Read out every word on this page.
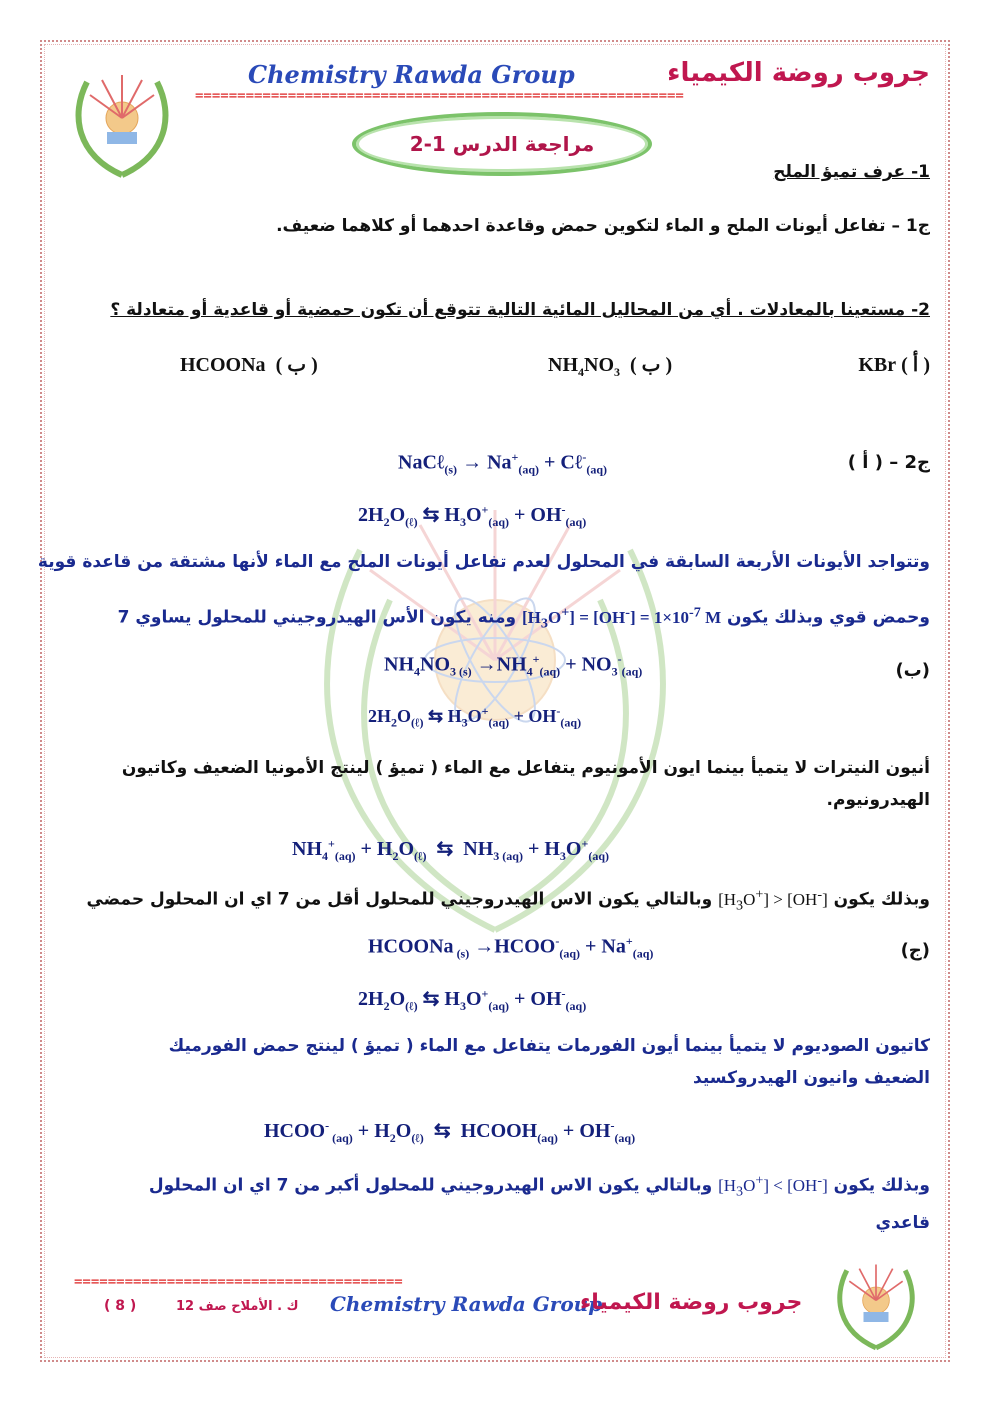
Chemistry Rawda Group	جروب روضة الكيمياء
==========================================================
مراجعة الدرس 1-2
1- عرف تميؤ الملح
ج1 – تفاعل أيونات الملح و الماء لتكوين حمض وقاعدة احدهما أو كلاهما ضعيف.
2- مستعينا بالمعادلات . أي من المحاليل المائية التالية تتوقع أن تكون حمضية أو قاعدية أو متعادلة ؟
( أ ) KBr
$NH_4NO_3$ ( ب )
HCOONa  ( ب )
ج2 – ( أ )
NaCℓ$_{(s)}$ → $Na^+_{(aq)}$ + Cℓ-$_{(aq)}$
$2H_2O_{(\ell)}$ ⇆ $H_3O^+_{(aq)} + OH^-_{(aq)}$
وتتواجد الأيونات الأربعة السابقة في المحلول لعدم تفاعل أيونات الملح مع الماء لأنها مشتقة من قاعدة قوية
وحمض قوي وبذلك يكون $[H_3O^+] = [OH^-] = 1\times 10^{-7}$ M ومنه يكون الأس الهيدروجيني للمحلول يساوي 7
(ب)
$NH_4NO_{3 (s)} \to NH_4^+_{(aq)} + NO_3^-_{(aq)}$
$2H_2O_{(\ell)}$ ⇆ $H_3O^+_{(aq)} + OH^-_{(aq)}$
أنيون النيترات لا يتميأ بينما ايون الأمونيوم يتفاعل مع الماء ( تميؤ ) لينتج الأمونيا الضعيف وكاتيون الهيدرونيوم.
$NH_4^+_{(aq)} + H_2O_{(\ell)}$  ⇆  $NH_{3 (aq)} + H_3O^+_{(aq)}$
وبذلك يكون $[H_3O^+] > [OH^-]$ وبالتالي يكون الاس الهيدروجيني للمحلول أقل من 7 اي ان المحلول حمضي
(ج)
HCOONa $_{(s)} \to HCOO^-_{(aq)} + Na^+_{(aq)}$
$2H_2O_{(\ell)}$ ⇆ $H_3O^+_{(aq)} + OH^-_{(aq)}$
كاتيون الصوديوم لا يتميأ بينما أيون الفورمات يتفاعل مع الماء ( تميؤ ) لينتج حمض الفورميك الضعيف وانيون الهيدروكسيد
HCOO- $_{(aq)} + H_2O_{(\ell)}$  ⇆  $HCOOH_{(aq)} + OH^-_{(aq)}$
وبذلك يكون $[H_3O^+] < [OH^-]$ وبالتالي يكون الاس الهيدروجيني للمحلول أكبر من 7 اي ان المحلول قاعدي
=======================================
Chemistry Rawda Group
جروب روضة الكيمياء
ك . الأملاح صف 12
( 8 )
